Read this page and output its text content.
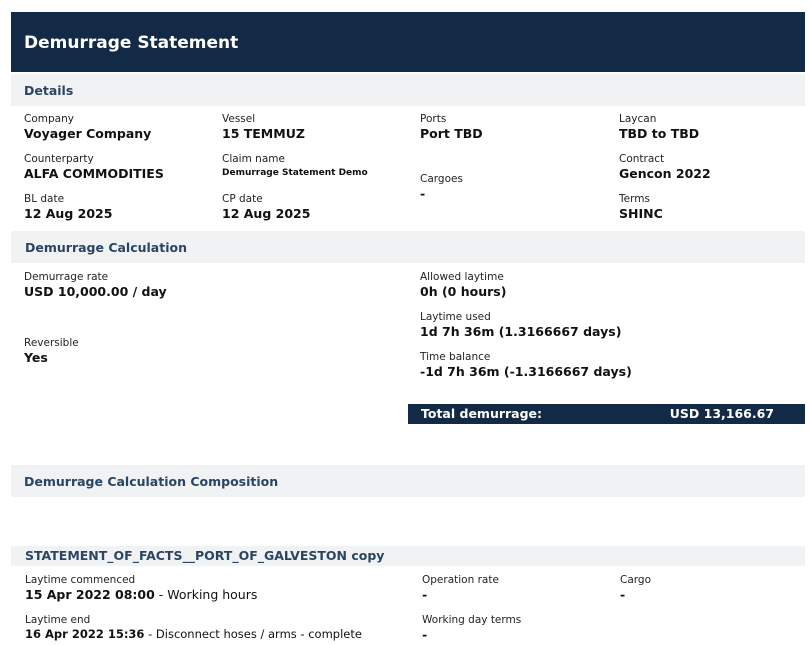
Demurrage Statement
Details
Company
Voyager Company
Vessel
15 TEMMUZ
Ports
Port TBD
Laycan
TBD to TBD
Counterparty
ALFA COMMODITIES
Claim name
Demurrage Statement Demo	Cargoes
-
Contract
Gencon 2022
BL date
12 Aug 2025
CP date
12 Aug 2025
Terms
SHINC
Demurrage Calculation
Demurrage rate
USD 10,000.00 / day
Reversible
Yes
Allowed laytime
0h (0 hours)
Laytime used
1d 7h 36m (1.3166667 days)
Time balance
-1d 7h 36m (-1.3166667 days)
Total demurrage:	USD 13,166.67
Demurrage Calculation Composition
STATEMENT_OF_FACTS__PORT_OF_GALVESTON copy
Laytime commenced
15 Apr 2022 08:00 - Working hours
Laytime end
16 Apr 2022 15:36 - Disconnect hoses / arms - complete
Operation rate
-
Cargo
-
Working day terms
-
